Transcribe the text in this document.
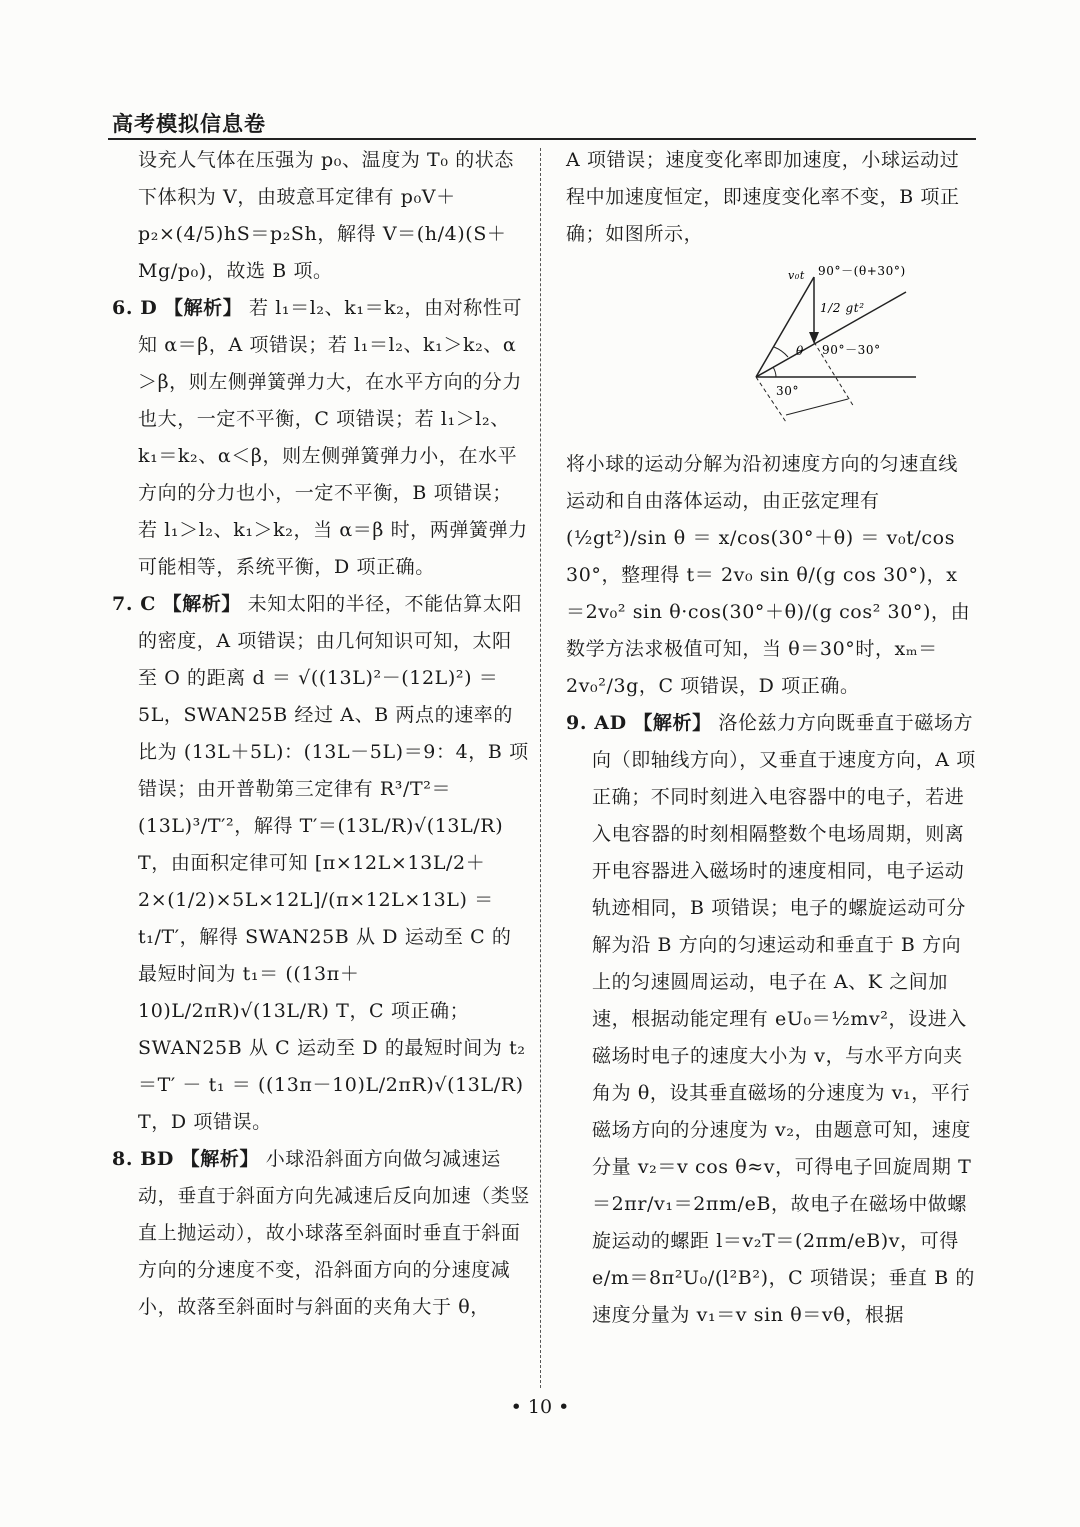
高考模拟信息卷

设充人气体在压强为 p₀、温度为 T₀ 的状态下体积为 V，由玻意耳定律有 p₀V＋p₂×(4/5)hS＝p₂Sh，解得 V＝(h/4)(S＋Mg/p₀)，故选 B 项。

6. D 【解析】 若 l₁＝l₂、k₁＝k₂，由对称性可知 α＝β，A 项错误；若 l₁＝l₂、k₁＞k₂、α＞β，则左侧弹簧弹力大，在水平方向的分力也大，一定不平衡，C 项错误；若 l₁＞l₂、k₁＝k₂、α＜β，则左侧弹簧弹力小，在水平方向的分力也小，一定不平衡，B 项错误；若 l₁＞l₂、k₁＞k₂，当 α＝β 时，两弹簧弹力可能相等，系统平衡，D 项正确。

7. C 【解析】 未知太阳的半径，不能估算太阳的密度，A 项错误；由几何知识可知，太阳至 O 的距离 d ＝ √((13L)²－(12L)²) ＝ 5L，SWAN25B 经过 A、B 两点的速率的比为 (13L＋5L)：(13L－5L)＝9：4，B 项错误；由开普勒第三定律有 R³/T²＝(13L)³/T′²，解得 T′＝(13L/R)√(13L/R) T，由面积定律可知 [π×12L×13L/2＋2×(1/2)×5L×12L]/(π×12L×13L) ＝ t₁/T′，解得 SWAN25B 从 D 运动至 C 的最短时间为 t₁＝ ((13π＋10)L/2πR)√(13L/R) T，C 项正确；SWAN25B 从 C 运动至 D 的最短时间为 t₂＝T′ － t₁ ＝ ((13π－10)L/2πR)√(13L/R) T，D 项错误。

8. BD 【解析】 小球沿斜面方向做匀减速运动，垂直于斜面方向先减速后反向加速（类竖直上抛运动），故小球落至斜面时垂直于斜面方向的分速度不变，沿斜面方向的分速度减小，故落至斜面时与斜面的夹角大于 θ，

A 项错误；速度变化率即加速度，小球运动过程中加速度恒定，即速度变化率不变，B 项正确；如图所示，

v₀t 90°－(θ+30°)
1/2 gt²
θ 90°－30°
30°

将小球的运动分解为沿初速度方向的匀速直线运动和自由落体运动，由正弦定理有 (½gt²)/sin θ ＝ x/cos(30°＋θ) ＝ v₀t/cos 30°，整理得 t＝ 2v₀ sin θ/(g cos 30°)，x＝2v₀² sin θ·cos(30°＋θ)/(g cos² 30°)，由数学方法求极值可知，当 θ＝30°时，xₘ＝2v₀²/3g，C 项错误，D 项正确。

9. AD 【解析】 洛伦兹力方向既垂直于磁场方向（即轴线方向），又垂直于速度方向，A 项正确；不同时刻进入电容器中的电子，若进入电容器的时刻相隔整数个电场周期，则离开电容器进入磁场时的速度相同，电子运动轨迹相同，B 项错误；电子的螺旋运动可分解为沿 B 方向的匀速运动和垂直于 B 方向上的匀速圆周运动，电子在 A、K 之间加速，根据动能定理有 eU₀＝½mv²，设进入磁场时电子的速度大小为 v，与水平方向夹角为 θ，设其垂直磁场的分速度为 v₁，平行磁场方向的分速度为 v₂，由题意可知，速度分量 v₂＝v cos θ≈v，可得电子回旋周期 T＝2πr/v₁＝2πm/eB，故电子在磁场中做螺旋运动的螺距 l＝v₂T＝(2πm/eB)v，可得 e/m＝8π²U₀/(l²B²)，C 项错误；垂直 B 的速度分量为 v₁＝v sin θ＝vθ，根据

• 10 •
